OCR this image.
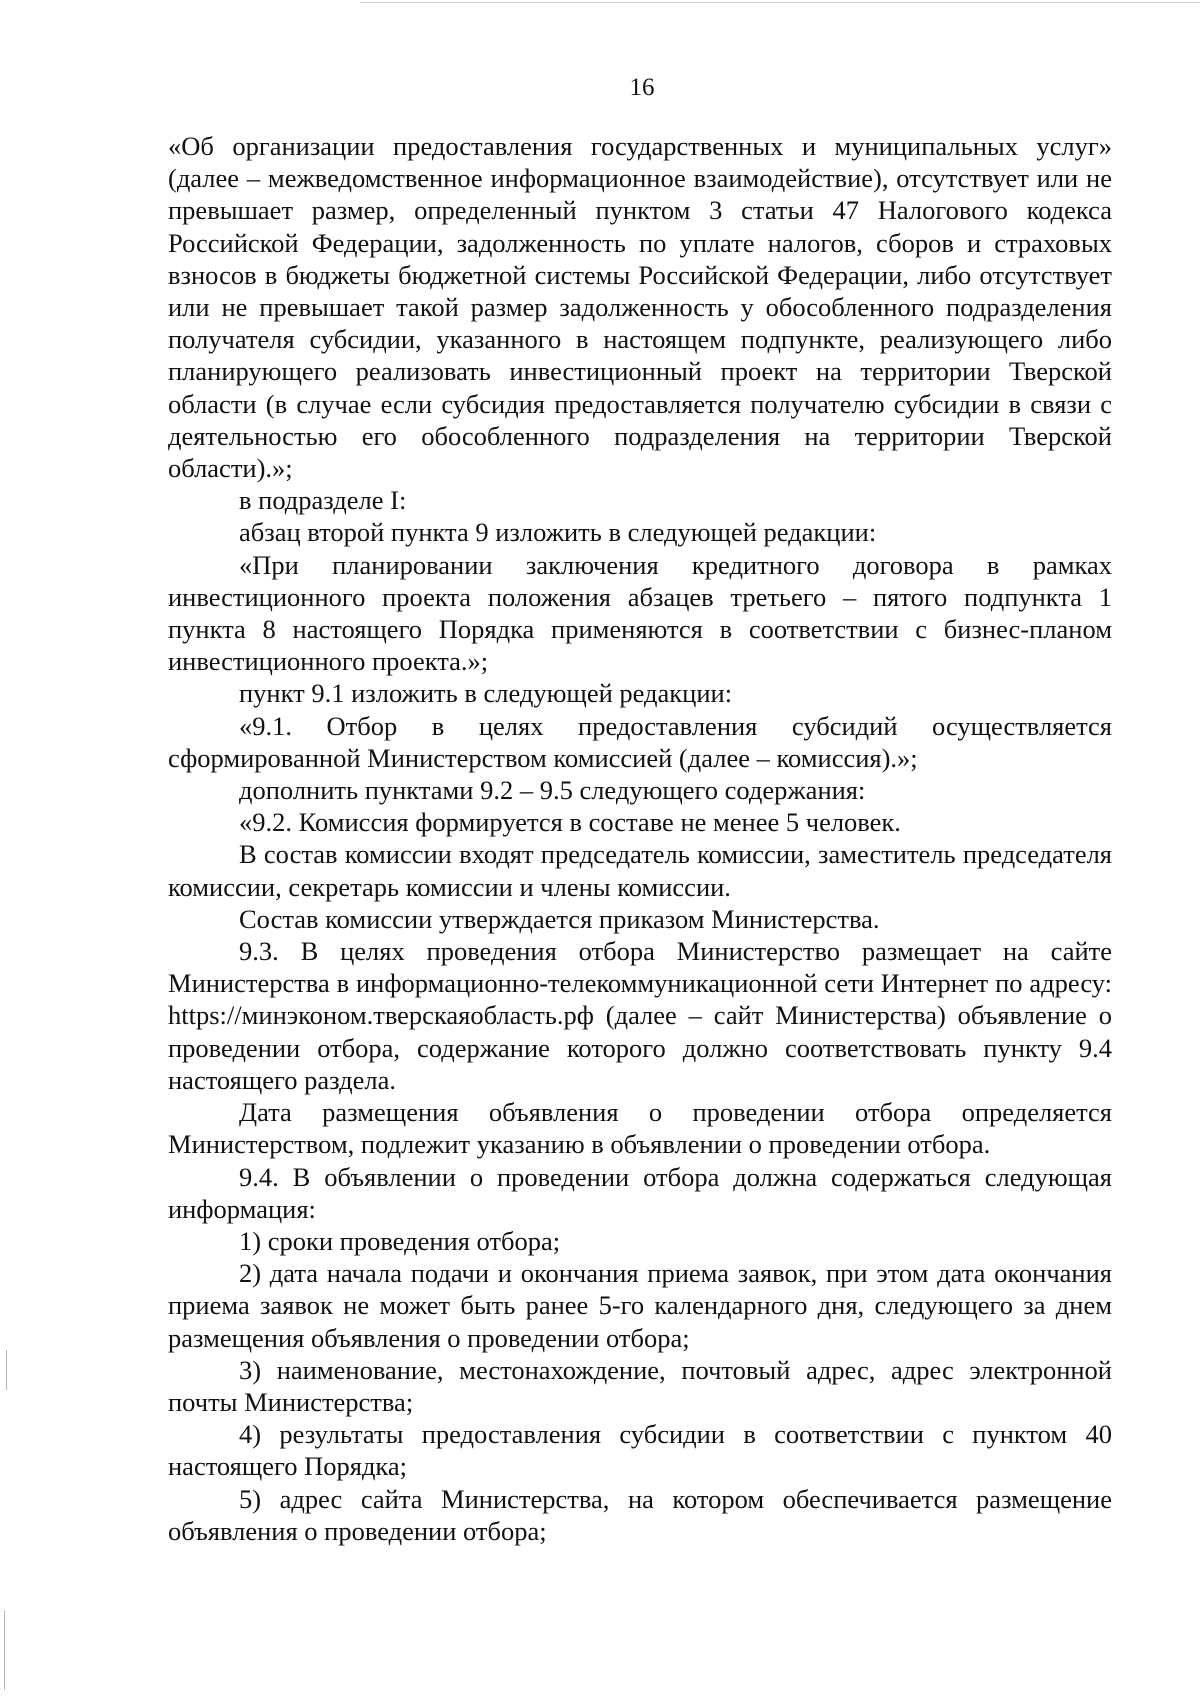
16

«Об организации предоставления государственных и муниципальных услуг» (далее – межведомственное информационное взаимодействие), отсутствует или не превышает размер, определенный пунктом 3 статьи 47 Налогового кодекса Российской Федерации, задолженность по уплате налогов, сборов и страховых взносов в бюджеты бюджетной системы Российской Федерации, либо отсутствует или не превышает такой размер задолженность у обособленного подразделения получателя субсидии, указанного в настоящем подпункте, реализующего либо планирующего реализовать инвестиционный проект на территории Тверской области (в случае если субсидия предоставляется получателю субсидии в связи с деятельностью его обособленного подразделения на территории Тверской области).»;

в подразделе I:

абзац второй пункта 9 изложить в следующей редакции:

«При планировании заключения кредитного договора в рамках инвестиционного проекта положения абзацев третьего – пятого подпункта 1 пункта 8 настоящего Порядка применяются в соответствии с бизнес-планом инвестиционного проекта.»;

пункт 9.1 изложить в следующей редакции:

«9.1. Отбор в целях предоставления субсидий осуществляется сформированной Министерством комиссией (далее – комиссия).»;

дополнить пунктами 9.2 – 9.5 следующего содержания:

«9.2. Комиссия формируется в составе не менее 5 человек.

В состав комиссии входят председатель комиссии, заместитель председателя комиссии, секретарь комиссии и члены комиссии.

Состав комиссии утверждается приказом Министерства.

9.3. В целях проведения отбора Министерство размещает на сайте Министерства в информационно-телекоммуникационной сети Интернет по адресу: https://минэконом.тверскаяобласть.рф (далее – сайт Министерства) объявление о проведении отбора, содержание которого должно соответствовать пункту 9.4 настоящего раздела.

Дата размещения объявления о проведении отбора определяется Министерством, подлежит указанию в объявлении о проведении отбора.

9.4. В объявлении о проведении отбора должна содержаться следующая информация:

1) сроки проведения отбора;

2) дата начала подачи и окончания приема заявок, при этом дата окончания приема заявок не может быть ранее 5-го календарного дня, следующего за днем размещения объявления о проведении отбора;

3) наименование, местонахождение, почтовый адрес, адрес электронной почты Министерства;

4) результаты предоставления субсидии в соответствии с пунктом 40 настоящего Порядка;

5) адрес сайта Министерства, на котором обеспечивается размещение объявления о проведении отбора;
